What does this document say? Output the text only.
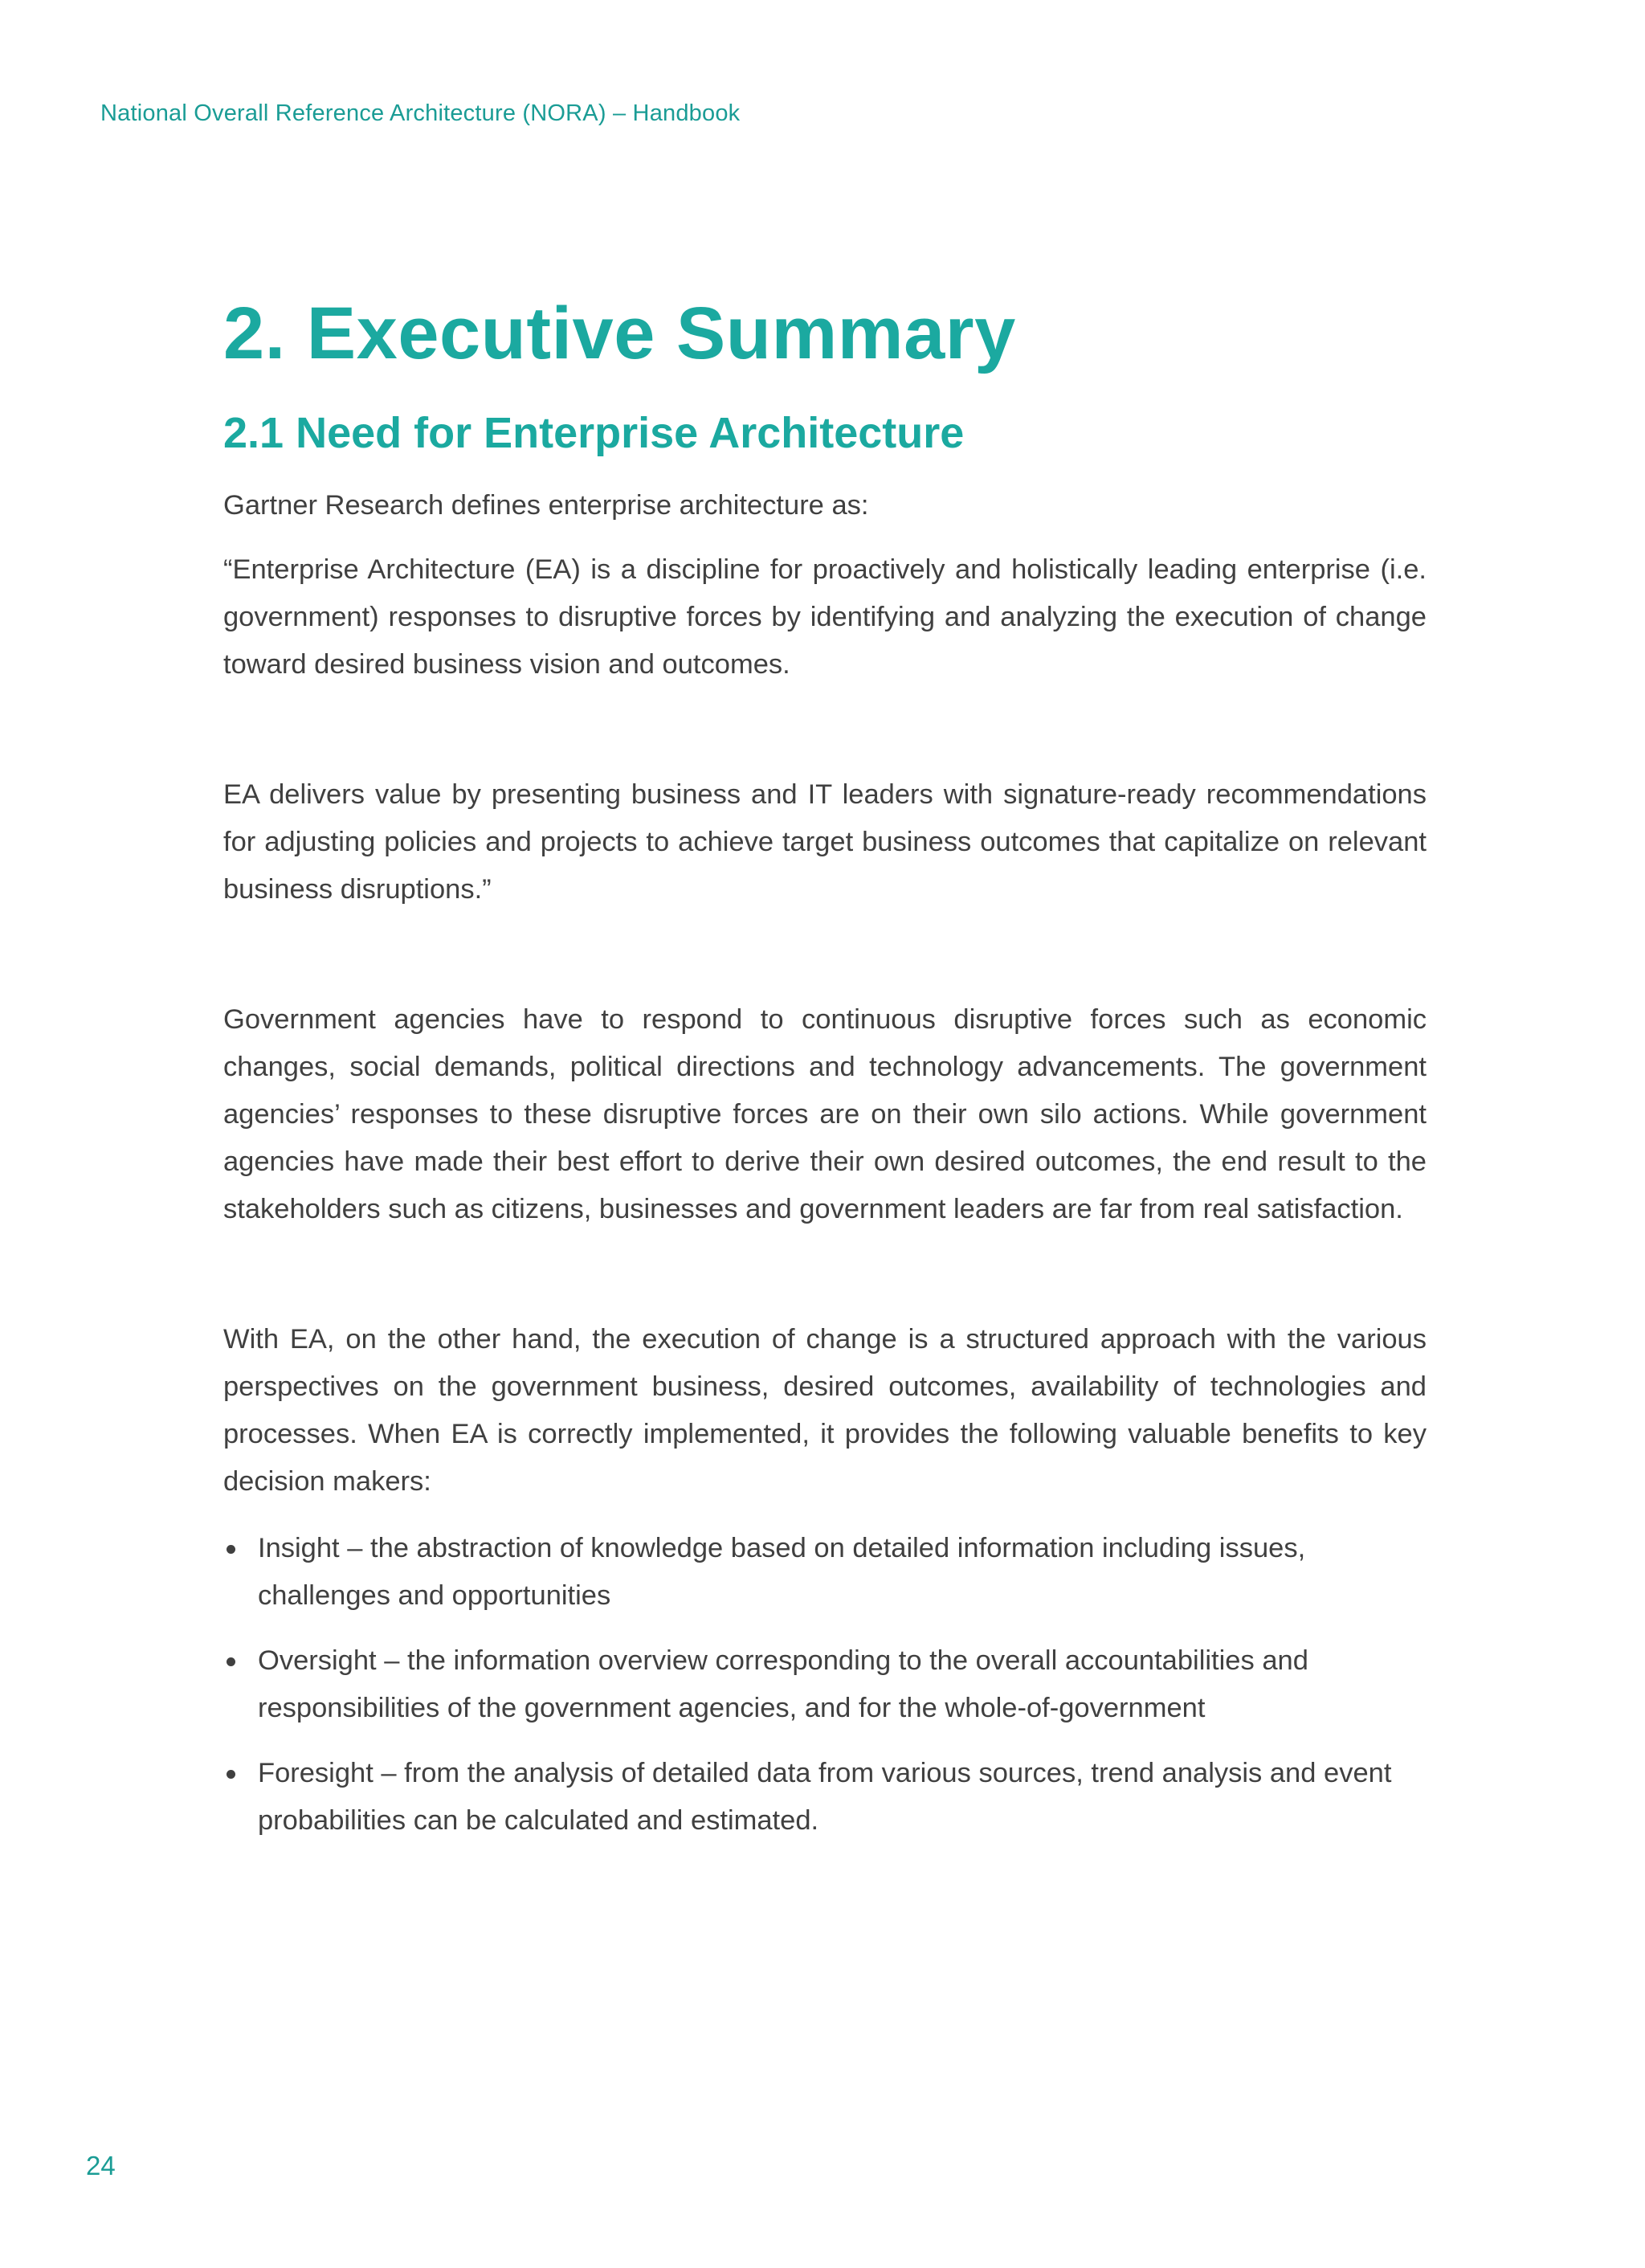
National Overall Reference Architecture (NORA) – Handbook
2. Executive Summary
2.1 Need for Enterprise Architecture

Gartner Research defines enterprise architecture as:

“Enterprise Architecture (EA) is a discipline for proactively and holistically leading enterprise (i.e. government) responses to disruptive forces by identifying and analyzing the execution of change toward desired business vision and outcomes.

EA delivers value by presenting business and IT leaders with signature-ready recommendations for adjusting policies and projects to achieve target business outcomes that capitalize on relevant business disruptions.”

Government agencies have to respond to continuous disruptive forces such as economic changes, social demands, political directions and technology advancements. The government agencies’ responses to these disruptive forces are on their own silo actions. While government agencies have made their best effort to derive their own desired outcomes, the end result to the stakeholders such as citizens, businesses and government leaders are far from real satisfaction.

With EA, on the other hand, the execution of change is a structured approach with the various perspectives on the government business, desired outcomes, availability of technologies and processes. When EA is correctly implemented, it provides the following valuable benefits to key decision makers:

Insight – the abstraction of knowledge based on detailed information including issues, challenges and opportunities
Oversight – the information overview corresponding to the overall accountabilities and responsibilities of the government agencies, and for the whole-of-government
Foresight – from the analysis of detailed data from various sources, trend analysis and event probabilities can be calculated and estimated.
24
